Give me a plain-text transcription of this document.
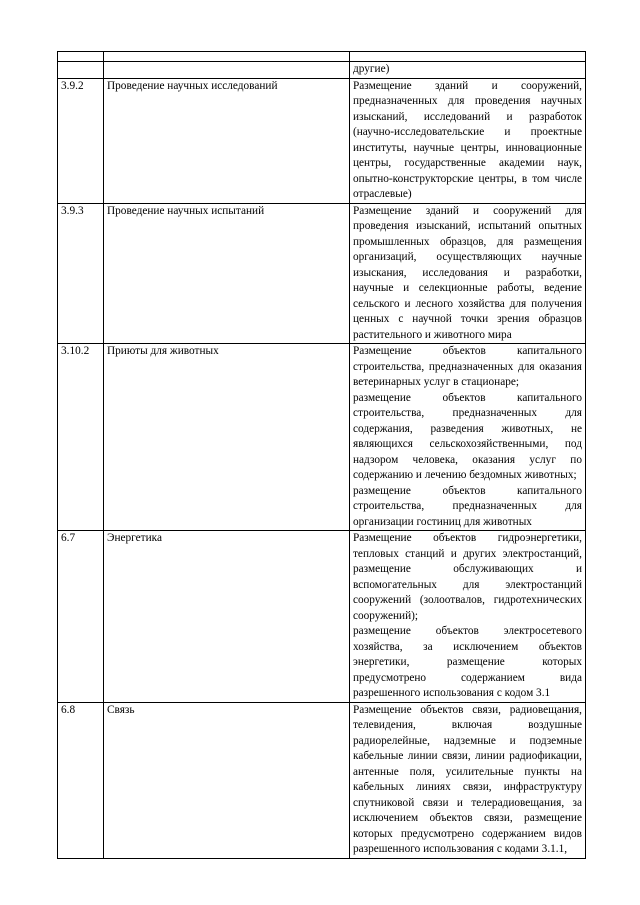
		другие)

3.9.2	Проведение научных исследований	Размещение зданий и сооружений, предназначенных для проведения научных изысканий, исследований и разработок (научно-исследовательские и проектные институты, научные центры, инновационные центры, государственные академии наук, опытно-конструкторские центры, в том числе отраслевые)

3.9.3	Проведение научных испытаний	Размещение зданий и сооружений для проведения изысканий, испытаний опытных промышленных образцов, для размещения организаций, осуществляющих научные изыскания, исследования и разработки, научные и селекционные работы, ведение сельского и лесного хозяйства для получения ценных с научной точки зрения образцов растительного и животного мира

3.10.2	Приюты для животных	Размещение объектов капитального строительства, предназначенных для оказания ветеринарных услуг в стационаре;

размещение объектов капитального строительства, предназначенных для содержания, разведения животных, не являющихся сельскохозяйственными, под надзором человека, оказания услуг по содержанию и лечению бездомных животных;

размещение объектов капитального строительства, предназначенных для организации гостиниц для животных

6.7	Энергетика	Размещение объектов гидроэнергетики, тепловых станций и других электростанций, размещение обслуживающих и вспомогательных для электростанций сооружений (золоотвалов, гидротехнических сооружений);

размещение объектов электросетевого хозяйства, за исключением объектов энергетики, размещение которых предусмотрено содержанием вида разрешенного использования с кодом 3.1

6.8	Связь	Размещение объектов связи, радиовещания, телевидения, включая воздушные радиорелейные, надземные и подземные кабельные линии связи, линии радиофикации, антенные поля, усилительные пункты на кабельных линиях связи, инфраструктуру спутниковой связи и телерадиовещания, за исключением объектов связи, размещение которых предусмотрено содержанием видов разрешенного использования с кодами 3.1.1,
